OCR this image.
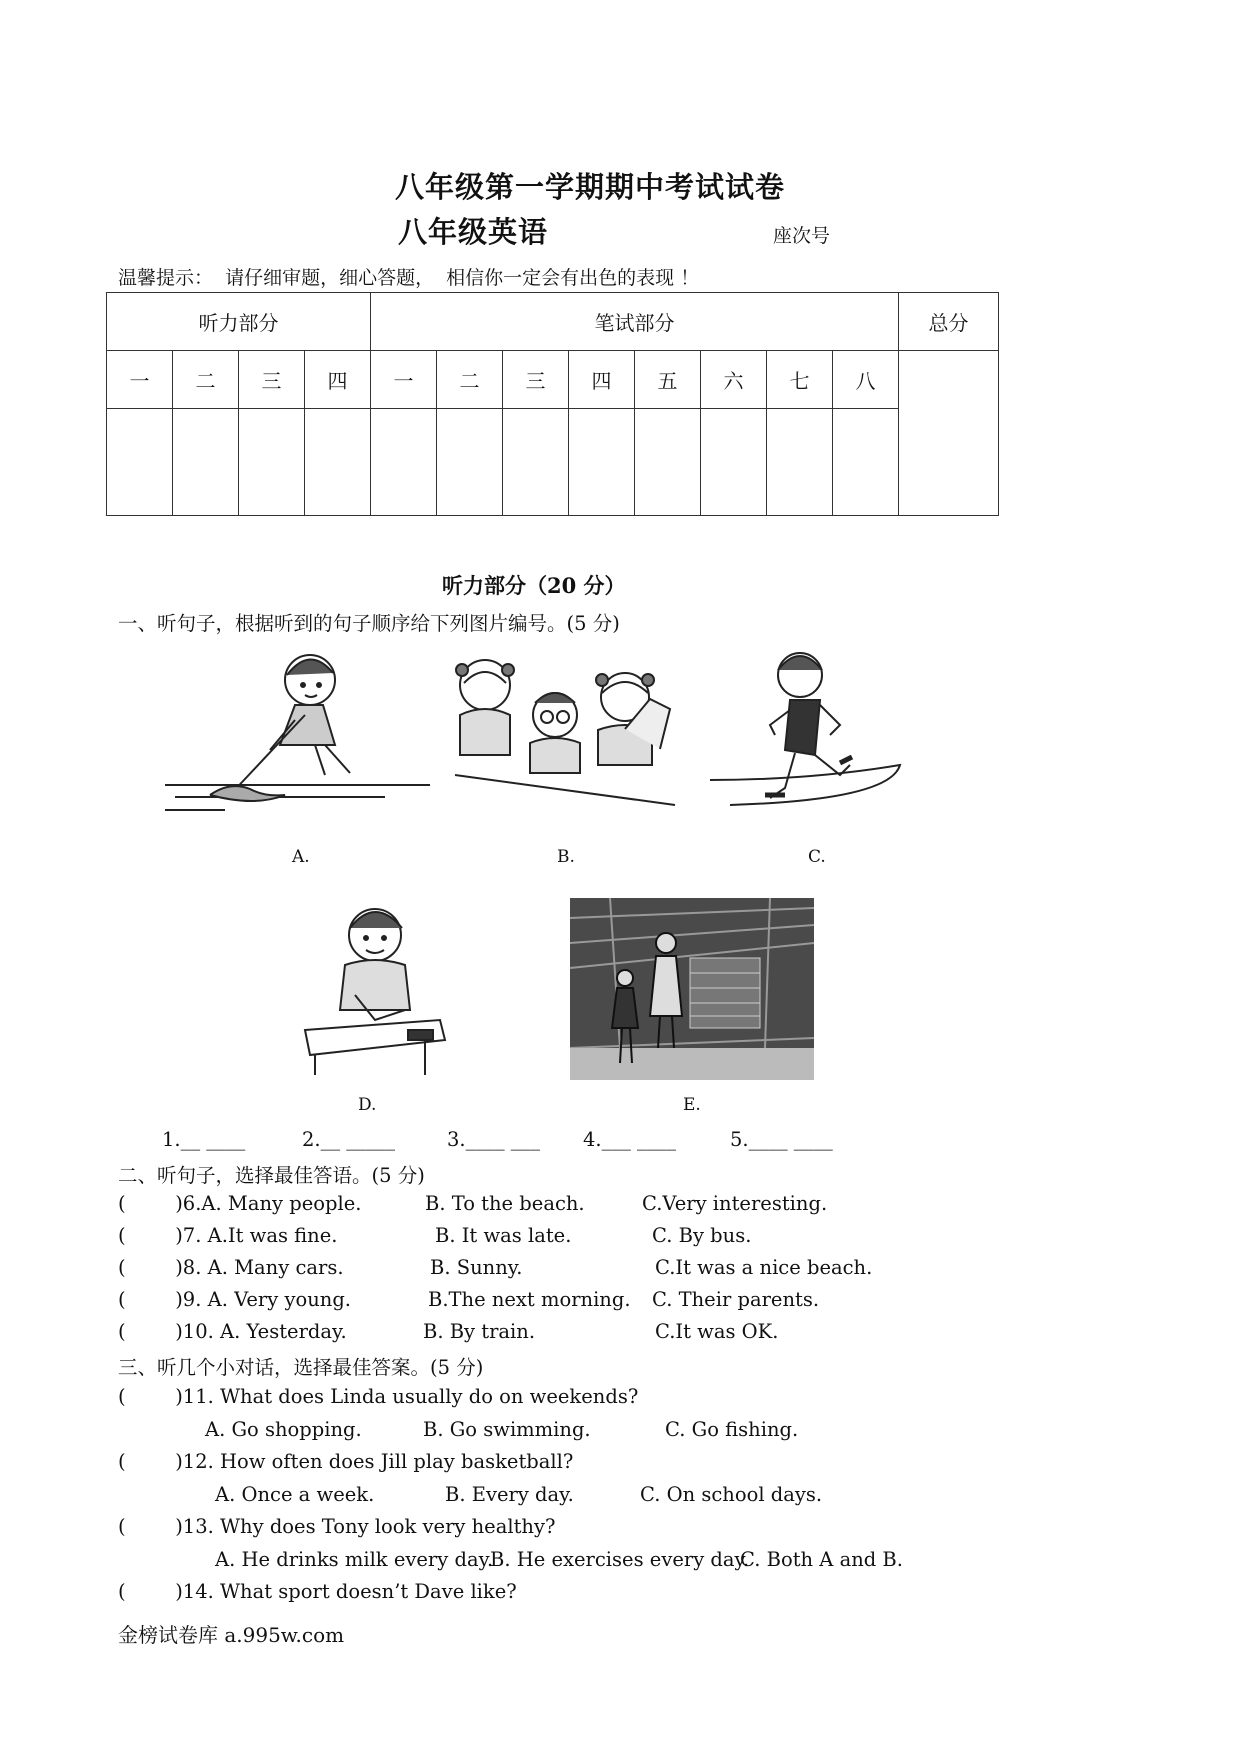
八年级第一学期期中考试试卷
八年级英语	座次号
温馨提示：  请仔细审题，细心答题，  相信你一定会有出色的表现 ！
听力部分				笔试部分								总分
一	二	三	四	一	二	三	四	五	六	七	八	

听力部分（20 分）
一、听句子，根据听到的句子顺序给下列图片编号。(5 分)
A.	B.	C.
D.	E.
1.__ ____	2.__ _____	3.____ ___ 4.___ ____	5.____ ____
二、听句子，选择最佳答语。(5 分)
(        )6.A. Many people.	B. To the beach.	C.Very interesting.
(        )7. A.It was fine.	B. It was late.	C. By bus.
(        )8. A. Many cars.	B. Sunny.	C.It was a nice beach.
(        )9. A. Very young.	B.The next morning. C. Their parents.
(        )10. A. Yesterday.	B. By train.	C.It was OK.
三、听几个小对话，选择最佳答案。(5 分)
(        )11. What does Linda usually do on weekends?
A. Go shopping.	B. Go swimming.	C. Go fishing.
(        )12. How often does Jill play basketball?
A. Once a week.	B. Every day.	C. On school days.
(        )13. Why does Tony look very healthy?
A. He drinks milk every day.
B. He exercises every day.
C. Both A and B.
(        )14. What sport doesn’t Dave like?
金榜试卷库 a.995w.com
